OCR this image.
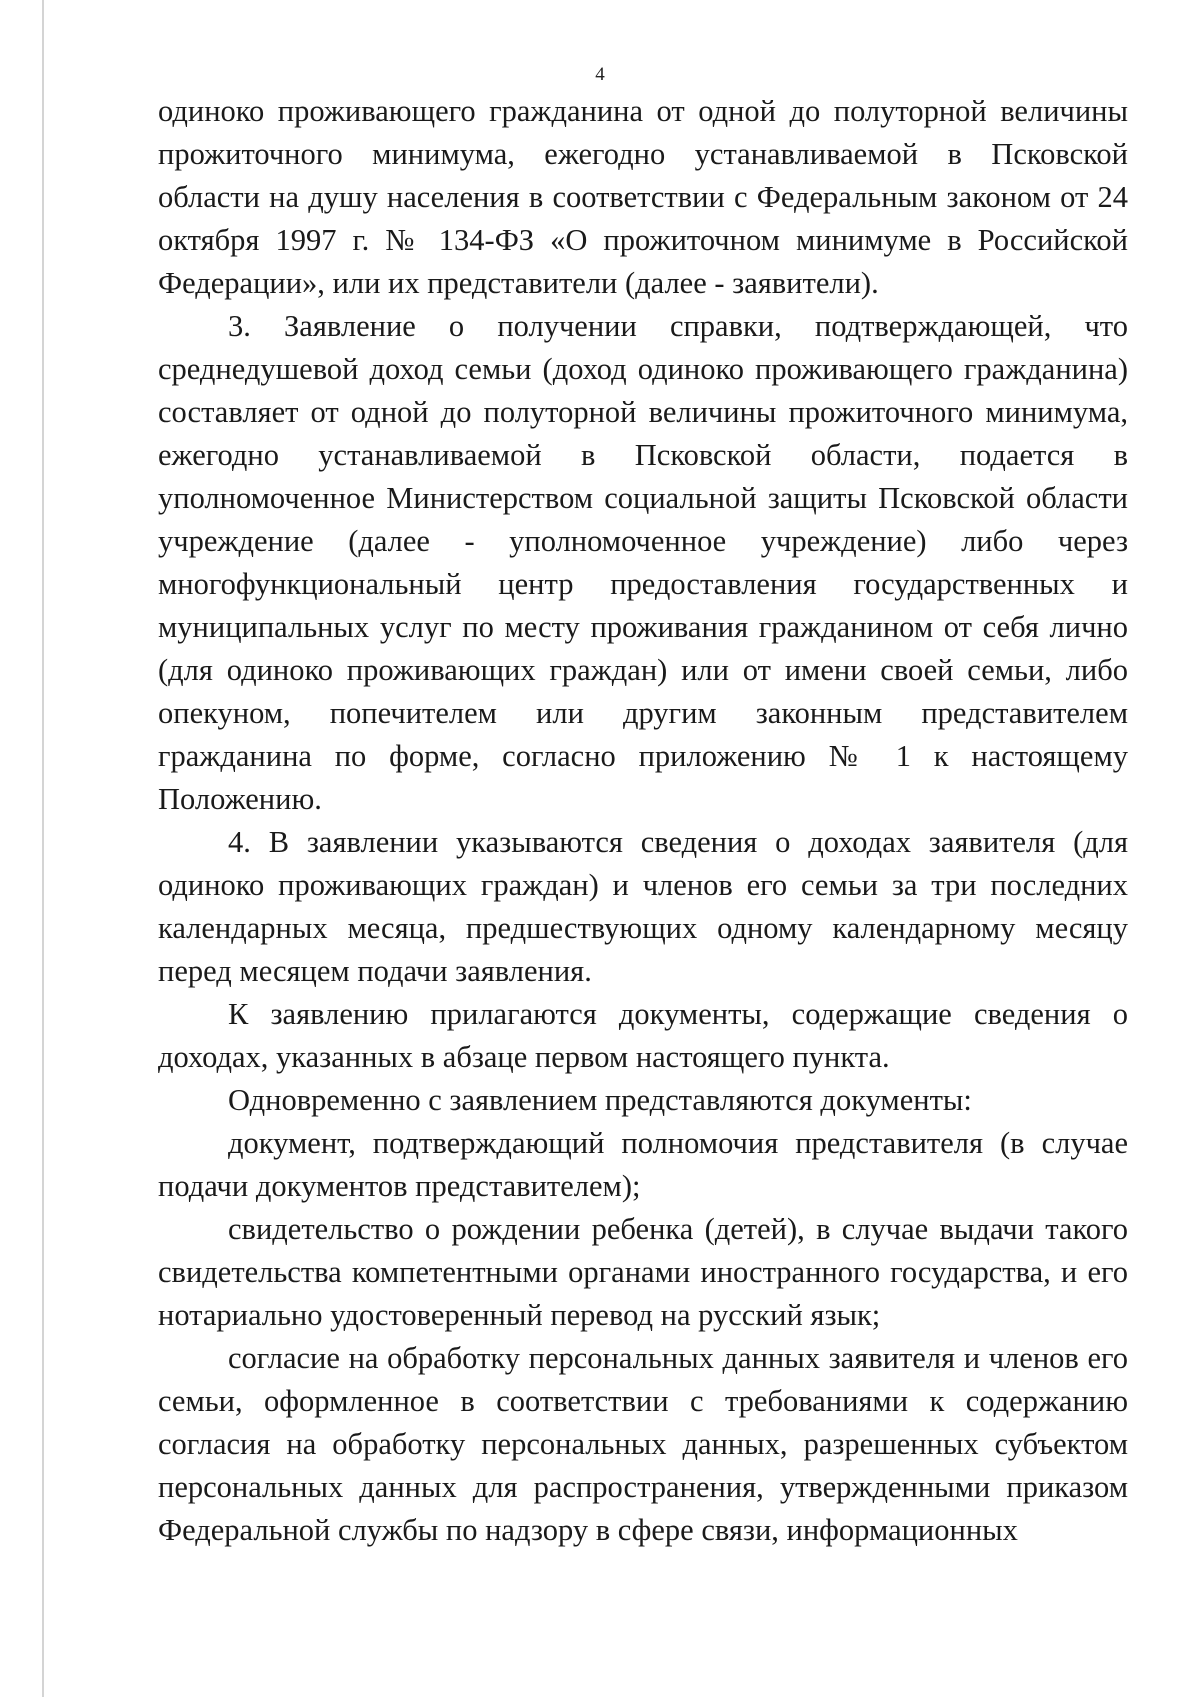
4

одиноко проживающего гражданина от одной до полуторной величины прожиточного минимума, ежегодно устанавливаемой в Псковской области на душу населения в соответствии с Федеральным законом от 24 октября 1997 г. № 134-ФЗ «О прожиточном минимуме в Российской Федерации», или их представители (далее - заявители).

3. Заявление о получении справки, подтверждающей, что среднедушевой доход семьи (доход одиноко проживающего гражданина) составляет от одной до полуторной величины прожиточного минимума, ежегодно устанавливаемой в Псковской области, подается в уполномоченное Министерством социальной защиты Псковской области учреждение (далее - уполномоченное учреждение) либо через многофункциональный центр предоставления государственных и муниципальных услуг по месту проживания гражданином от себя лично (для одиноко проживающих граждан) или от имени своей семьи, либо опекуном, попечителем или другим законным представителем гражданина по форме, согласно приложению № 1 к настоящему Положению.

4. В заявлении указываются сведения о доходах заявителя (для одиноко проживающих граждан) и членов его семьи за три последних календарных месяца, предшествующих одному календарному месяцу перед месяцем подачи заявления.

К заявлению прилагаются документы, содержащие сведения о доходах, указанных в абзаце первом настоящего пункта.

Одновременно с заявлением представляются документы:

документ, подтверждающий полномочия представителя (в случае подачи документов представителем);

свидетельство о рождении ребенка (детей), в случае выдачи такого свидетельства компетентными органами иностранного государства, и его нотариально удостоверенный перевод на русский язык;

согласие на обработку персональных данных заявителя и членов его семьи, оформленное в соответствии с требованиями к содержанию согласия на обработку персональных данных, разрешенных субъектом персональных данных для распространения, утвержденными приказом Федеральной службы по надзору в сфере связи, информационных
